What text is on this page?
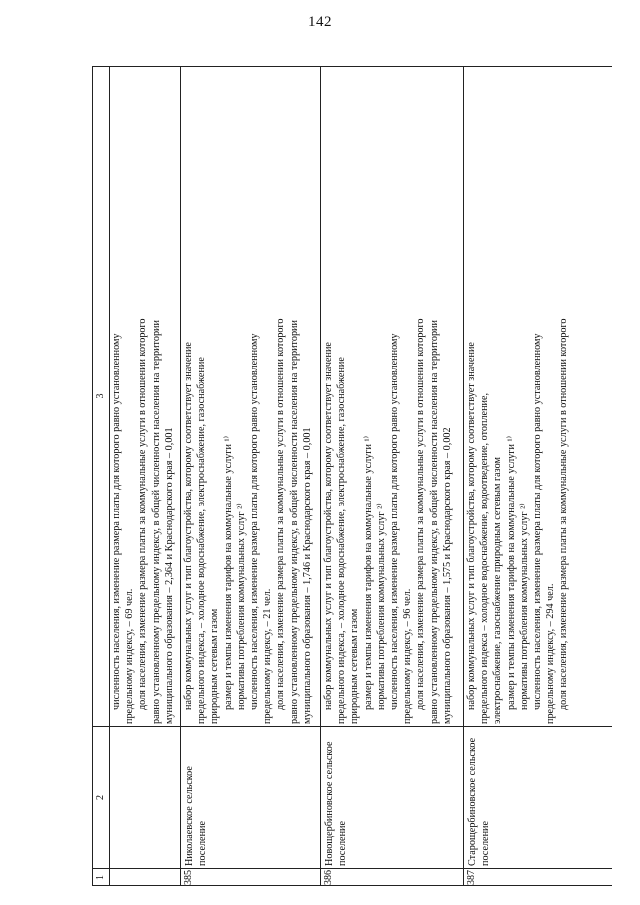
142
1
2
3 численность населения, изменение размера платы для которого равно установленному предельному индексу, – 69 чел. доля населения, изменение размера платы за коммунальные услуги в отношении которого равно установленному предельному индексу, в общей численности населения на территории муниципального образования – 2,364 и Краснодарского края – 0,001
385
Николаевское сельское поселение
набор коммунальных услуг и тип благоустройства, которому соответствует значение предельного индекса, – холодное водоснабжение, электроснабжение, газоснабжение природным сетевым газом размер и темпы изменения тарифов на коммунальные услуги ¹⁾ нормативы потребления коммунальных услуг ²⁾ численность населения, изменение размера платы для которого равно установленному предельному индексу, – 21 чел. доля населения, изменение размера платы за коммунальные услуги в отношении которого равно установленному предельному индексу, в общей численности населения на территории муниципального образования – 1,746 и Краснодарского края – 0,001
386
Новощербиновское сельское поселение
набор коммунальных услуг и тип благоустройства, которому соответствует значение предельного индекса, – холодное водоснабжение, электроснабжение, газоснабжение природным сетевым газом размер и темпы изменения тарифов на коммунальные услуги ¹⁾ нормативы потребления коммунальных услуг ²⁾ численность населения, изменение размера платы для которого равно установленному предельному индексу, – 96 чел. доля населения, изменение размера платы за коммунальные услуги в отношении которого равно установленному предельному индексу, в общей численности населения на территории муниципального образования – 1,575 и Краснодарского края – 0,002
387
Старощербиновское сельское поселение
набор коммунальных услуг и тип благоустройства, которому соответствует значение предельного индекса – холодное водоснабжение, водоотведение, отопление, электроснабжение, газоснабжение природным сетевым газом размер и темпы изменения тарифов на коммунальные услуги ¹⁾ нормативы потребления коммунальных услуг ²⁾ численность населения, изменение размера платы для которого равно установленному предельному индексу, – 294 чел. доля населения, изменение размера платы за коммунальные услуги в отношении которого
